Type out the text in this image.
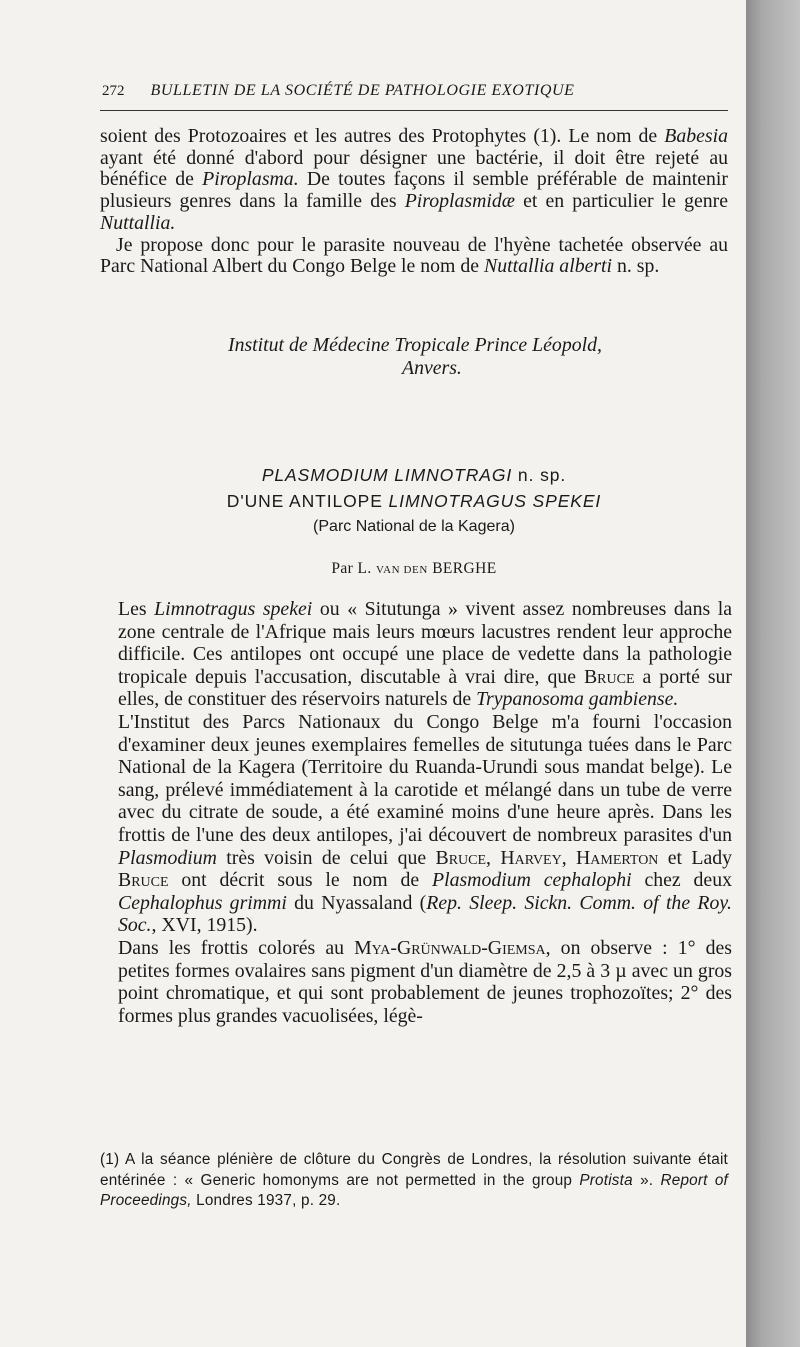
272 BULLETIN DE LA SOCIÉTÉ DE PATHOLOGIE EXOTIQUE

soient des Protozoaires et les autres des Protophytes (1). Le nom de Babesia ayant été donné d'abord pour désigner une bactérie, il doit être rejeté au bénéfice de Piroplasma. De toutes façons il semble préférable de maintenir plusieurs genres dans la famille des Piroplasmidæ et en particulier le genre Nuttallia.

Je propose donc pour le parasite nouveau de l'hyène tachetée observée au Parc National Albert du Congo Belge le nom de Nuttallia alberti n. sp.

Institut de Médecine Tropicale Prince Léopold,
Anvers.
PLASMODIUM LIMNOTRAGI n. sp.
D'UNE ANTILOPE LIMNOTRAGUS SPEKEI
(Parc National de la Kagera)
Par L. VAN DEN BERGHE

Les Limnotragus spekei ou « Situtunga » vivent assez nombreuses dans la zone centrale de l'Afrique mais leurs mœurs lacustres rendent leur approche difficile. Ces antilopes ont occupé une place de vedette dans la pathologie tropicale depuis l'accusation, discutable à vrai dire, que Bruce a porté sur elles, de constituer des réservoirs naturels de Trypanosoma gambiense.

L'Institut des Parcs Nationaux du Congo Belge m'a fourni l'occasion d'examiner deux jeunes exemplaires femelles de situtunga tuées dans le Parc National de la Kagera (Territoire du Ruanda-Urundi sous mandat belge). Le sang, prélevé immédiatement à la carotide et mélangé dans un tube de verre avec du citrate de soude, a été examiné moins d'une heure après. Dans les frottis de l'une des deux antilopes, j'ai découvert de nombreux parasites d'un Plasmodium très voisin de celui que Bruce, Harvey, Hamerton et Lady Bruce ont décrit sous le nom de Plasmodium cephalophi chez deux Cephalophus grimmi du Nyassaland (Rep. Sleep. Sickn. Comm. of the Roy. Soc., XVI, 1915).

Dans les frottis colorés au Mya-Grünwald-Giemsa, on observe : 1° des petites formes ovalaires sans pigment d'un diamètre de 2,5 à 3 µ avec un gros point chromatique, et qui sont probablement de jeunes trophozoïtes; 2° des formes plus grandes vacuolisées, légè-

(1) A la séance plénière de clôture du Congrès de Londres, la résolution suivante était entérinée : « Generic homonyms are not permetted in the group Protista ». Report of Proceedings, Londres 1937, p. 29.
